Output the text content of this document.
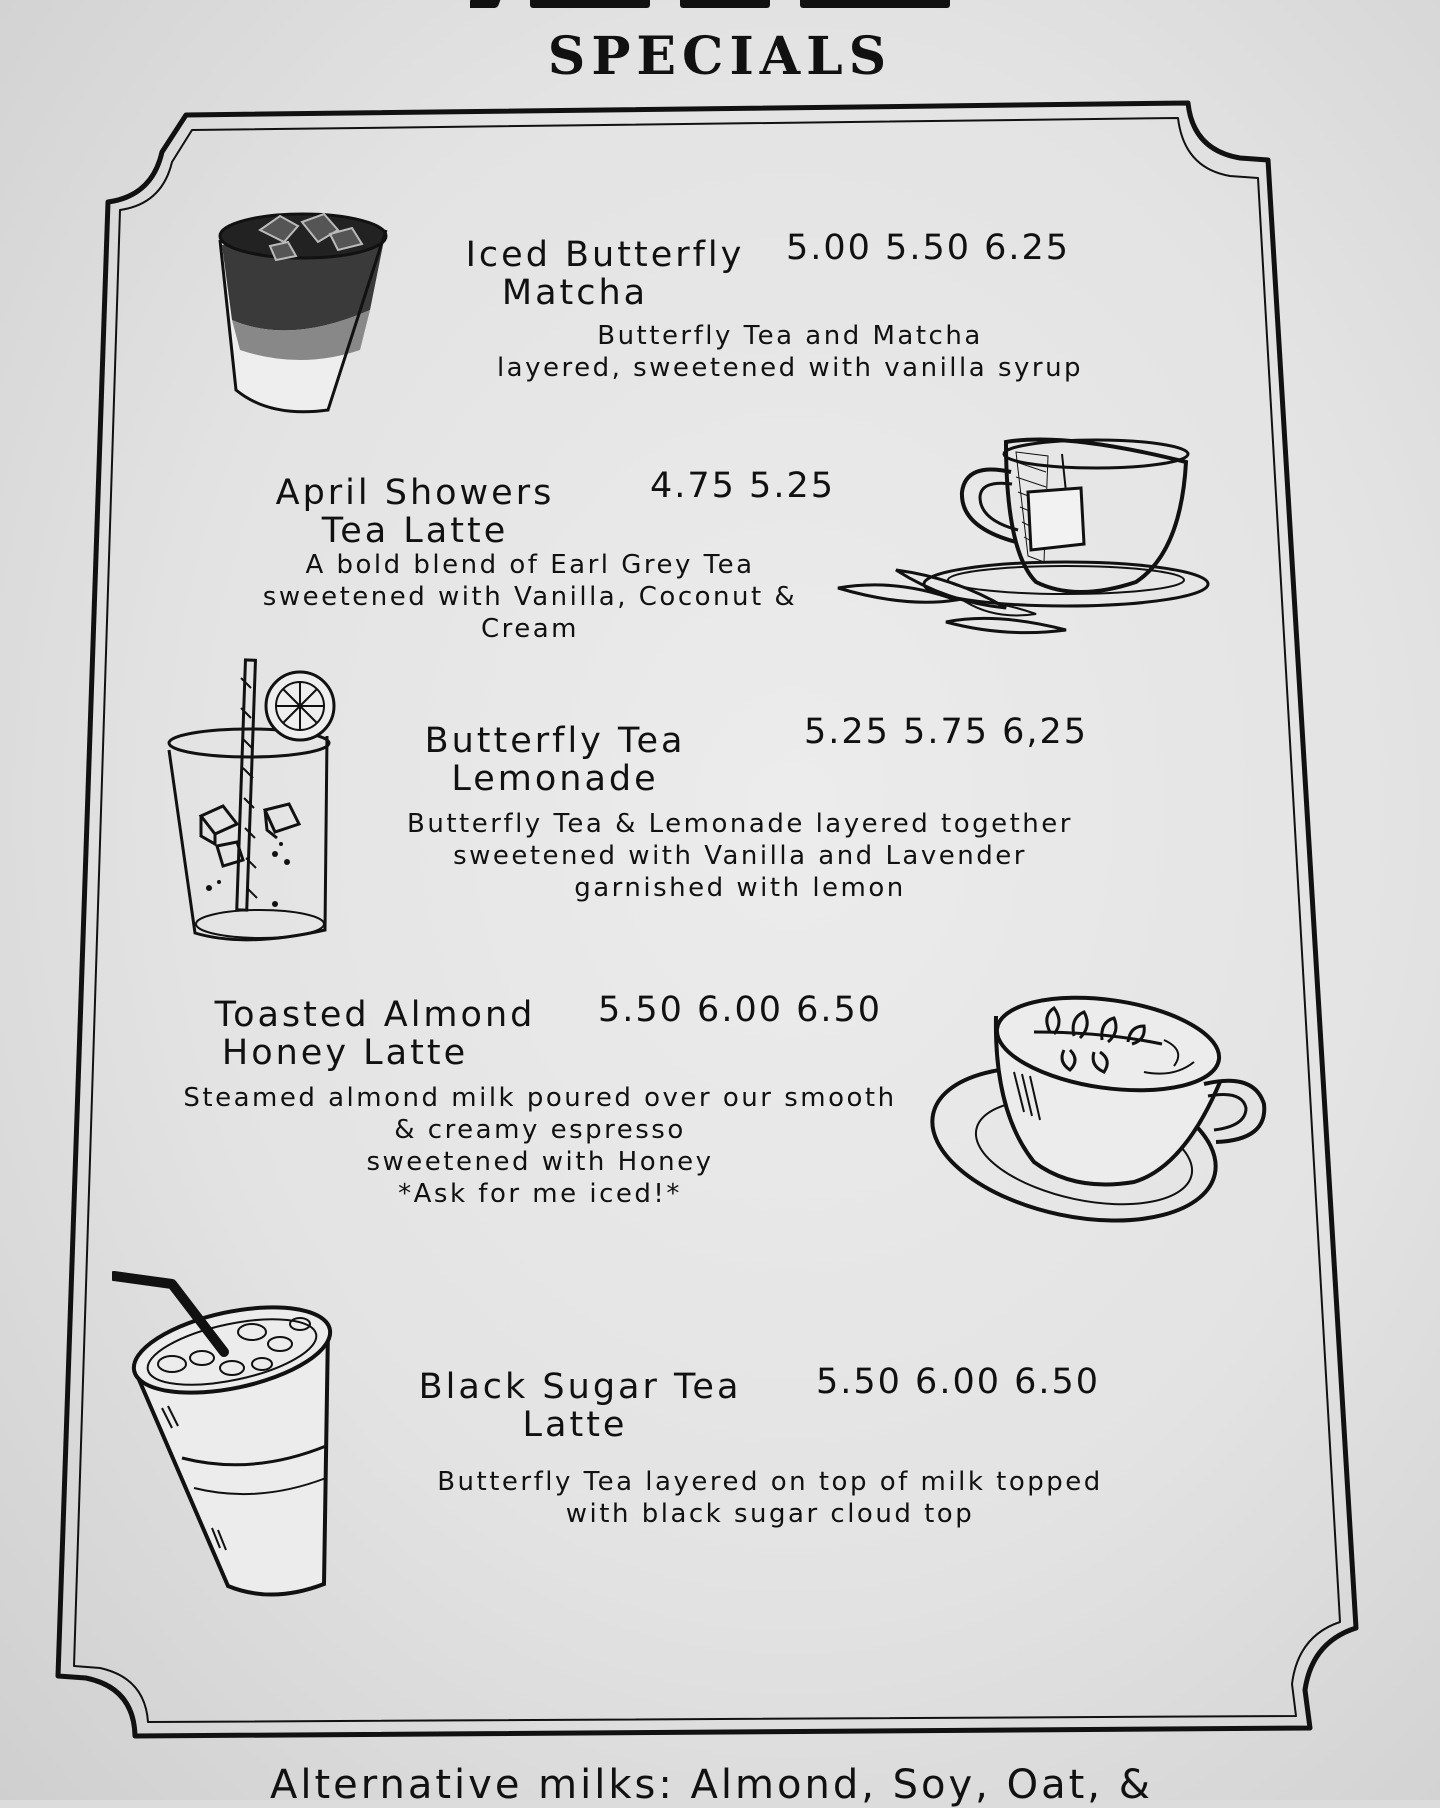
SPECIALS
Iced Butterfly
Matcha
5.00 5.50 6.25
Butterfly Tea and Matcha
layered, sweetened with vanilla syrup
April Showers
Tea Latte
4.75 5.25
A bold blend of Earl Grey Tea
sweetened with Vanilla, Coconut &
Cream
Butterfly Tea
Lemonade
5.25 5.75 6,25
Butterfly Tea & Lemonade layered together
sweetened with Vanilla and Lavender
garnished with lemon
Toasted Almond
Honey Latte
5.50 6.00 6.50
Steamed almond milk poured over our smooth
& creamy espresso
sweetened with Honey
*Ask for me iced!*
Black Sugar Tea
Latte
5.50 6.00 6.50
Butterfly Tea layered on top of milk topped
with black sugar cloud top
Alternative milks: Almond, Soy, Oat, &
